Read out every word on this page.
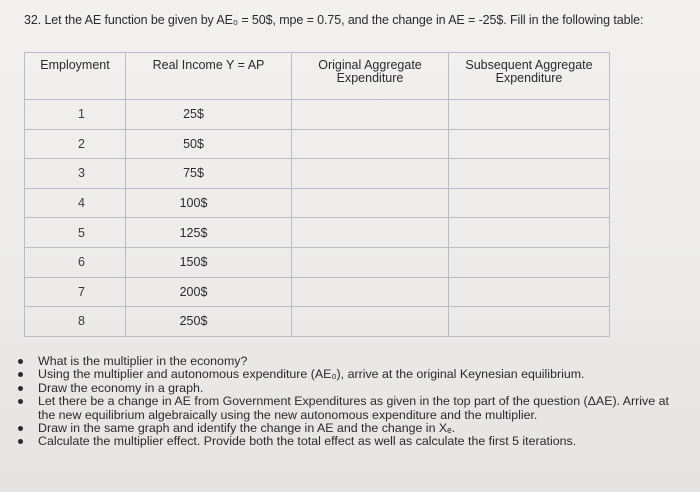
32. Let the AE function be given by AE₀ = 50$, mpe = 0.75, and the change in AE = -25$. Fill in the following table:
Employment	Real Income Y = AP	Original Aggregate Expenditure	Subsequent Aggregate Expenditure
1	25$		
2	50$		
3	75$		
4	100$		
5	125$		
6	150$		
7	200$		
8	250$		
What is the multiplier in the economy?
Using the multiplier and autonomous expenditure (AE₀), arrive at the original Keynesian equilibrium.
Draw the economy in a graph.
Let there be a change in AE from Government Expenditures as given in the top part of the question (ΔAE). Arrive at
the new equilibrium algebraically using the new autonomous expenditure and the multiplier.
Draw in the same graph and identify the change in AE and the change in Xₑ.
Calculate the multiplier effect. Provide both the total effect as well as calculate the first 5 iterations.
